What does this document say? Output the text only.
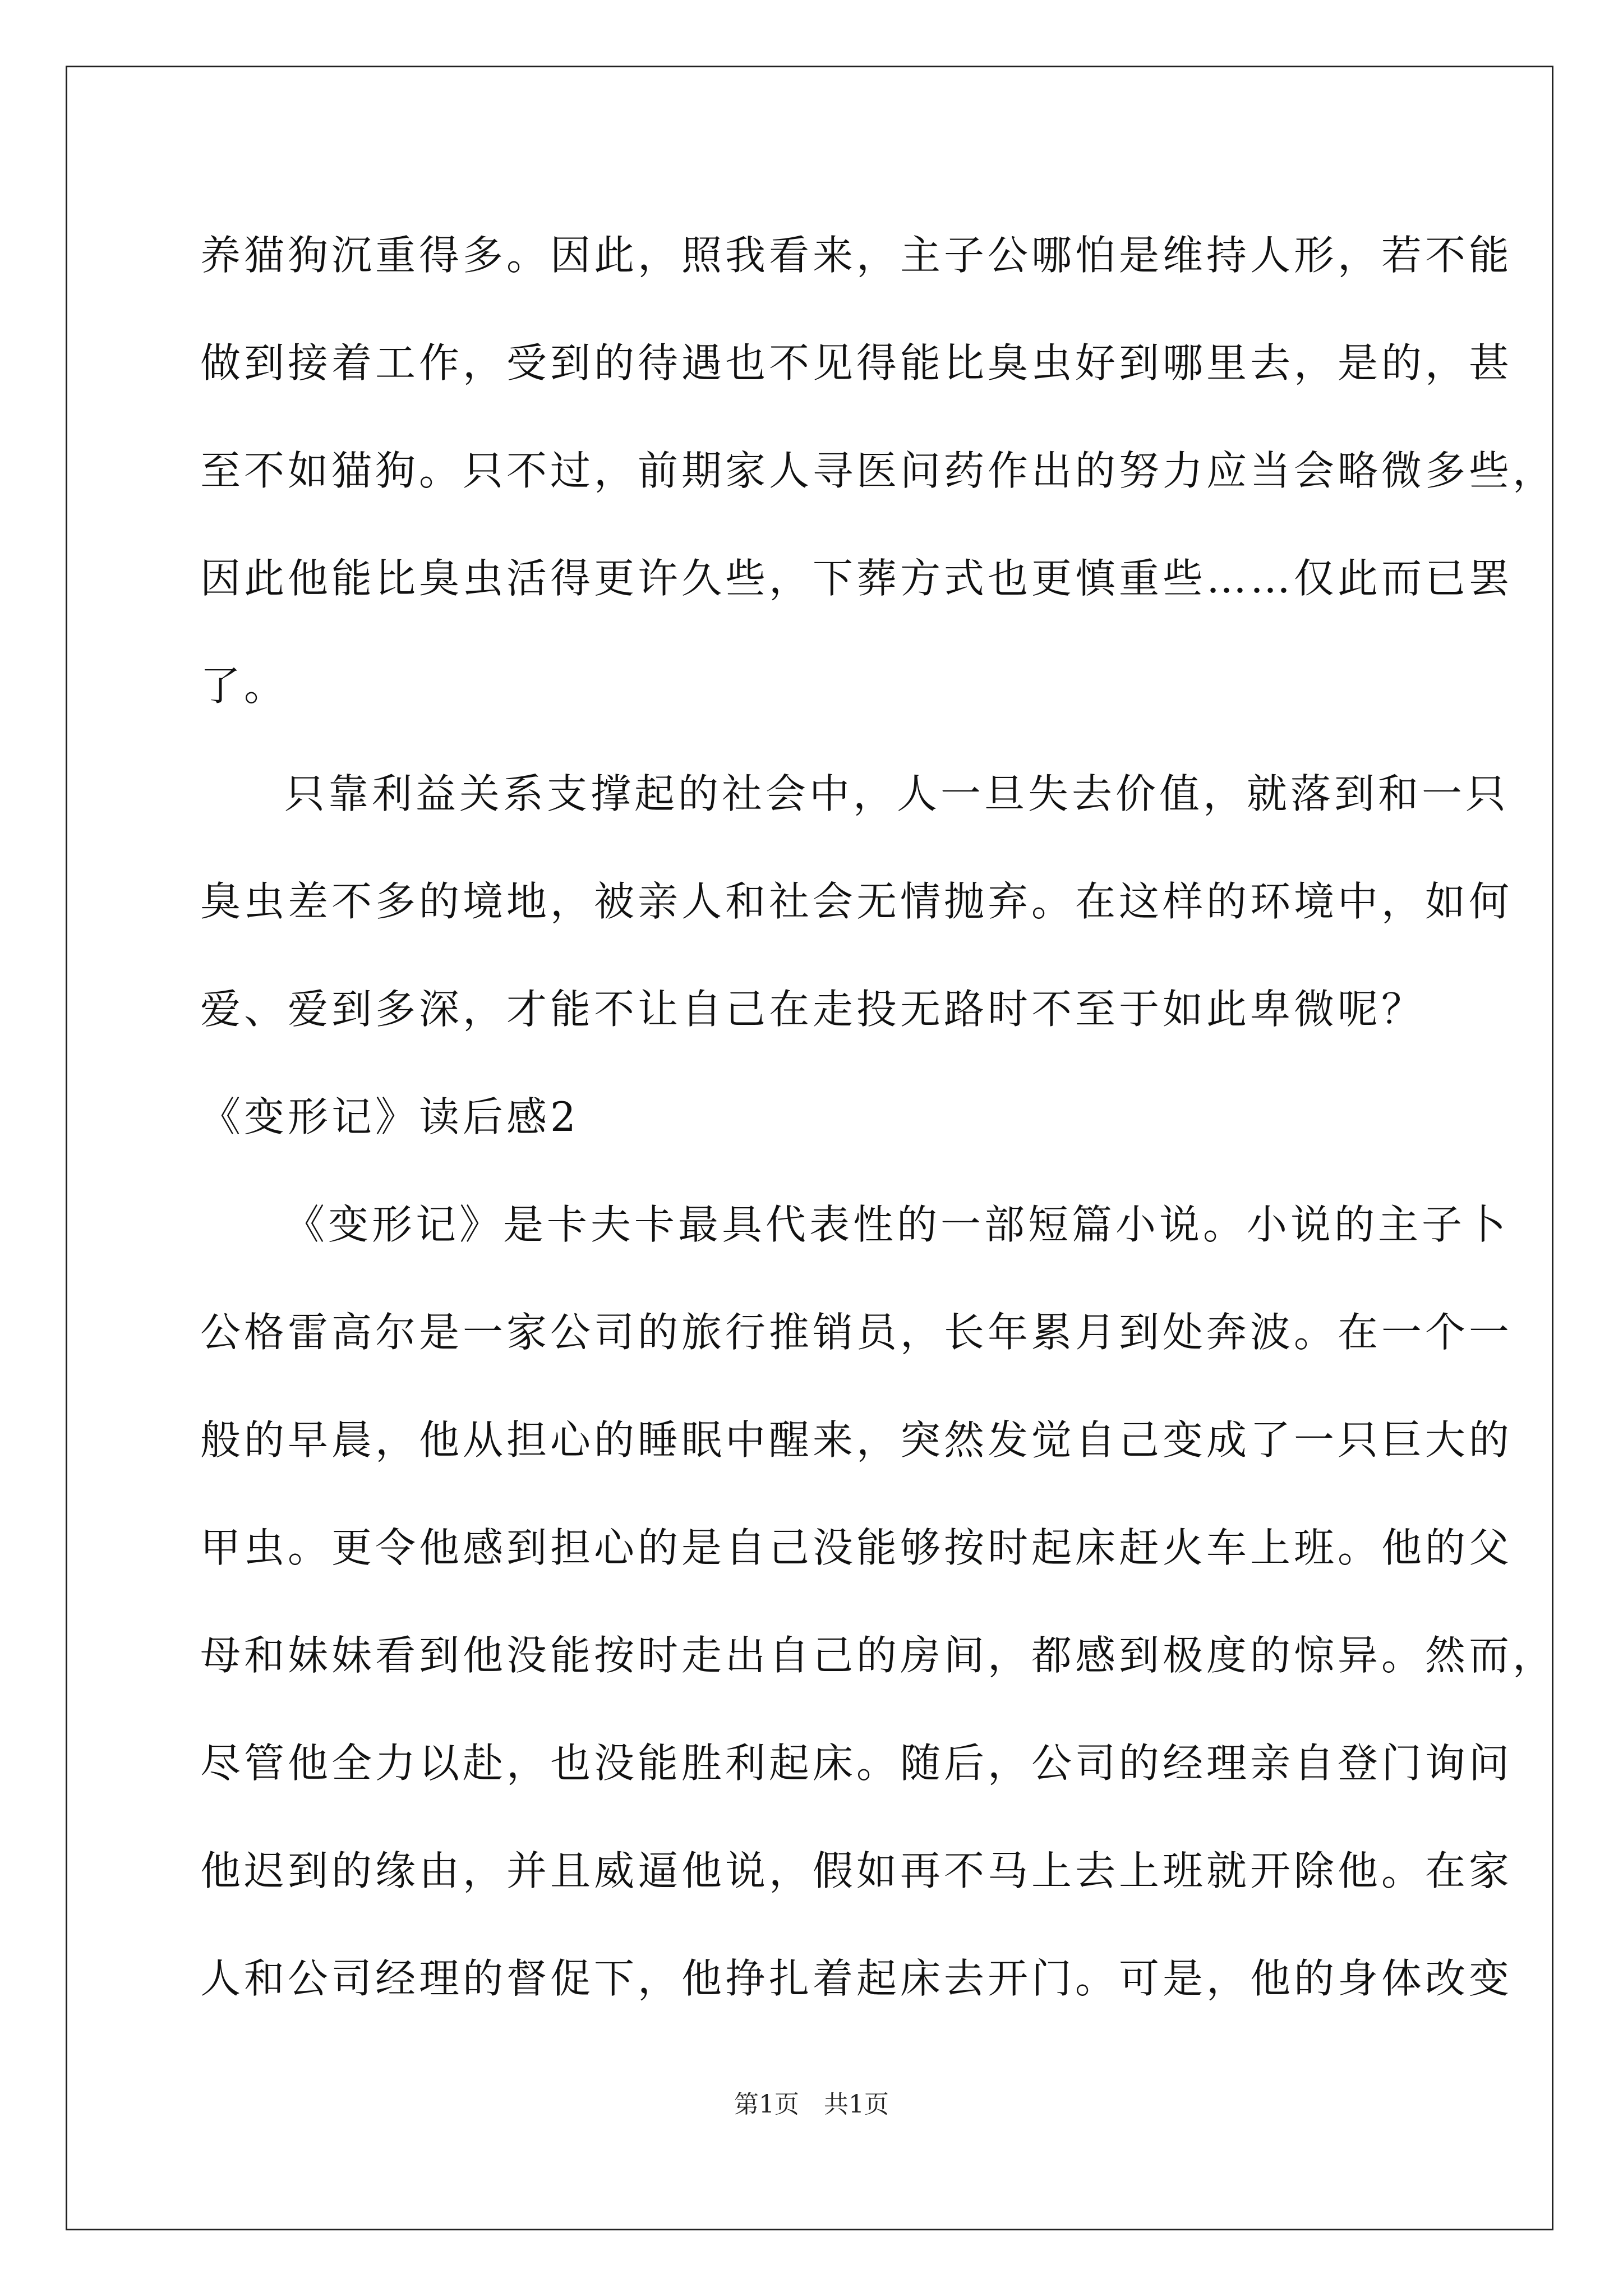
养猫狗沉重得多。因此，照我看来，主子公哪怕是维持人形，若不能
做到接着工作，受到的待遇也不见得能比臭虫好到哪里去，是的，甚
至不如猫狗。只不过，前期家人寻医问药作出的努力应当会略微多些，
因此他能比臭虫活得更许久些，下葬方式也更慎重些……仅此而已罢
了。
只靠利益关系支撑起的社会中，人一旦失去价值，就落到和一只
臭虫差不多的境地，被亲人和社会无情抛弃。在这样的环境中，如何
爱、爱到多深，才能不让自己在走投无路时不至于如此卑微呢？
《变形记》读后感2
《变形记》是卡夫卡最具代表性的一部短篇小说。小说的主子卜
公格雷高尔是一家公司的旅行推销员，长年累月到处奔波。在一个一
般的早晨，他从担心的睡眠中醒来，突然发觉自己变成了一只巨大的
甲虫。更令他感到担心的是自己没能够按时起床赶火车上班。他的父
母和妹妹看到他没能按时走出自己的房间，都感到极度的惊异。然而，
尽管他全力以赴，也没能胜利起床。随后，公司的经理亲自登门询问
他迟到的缘由，并且威逼他说，假如再不马上去上班就开除他。在家
人和公司经理的督促下，他挣扎着起床去开门。可是，他的身体改变
第1页　共1页
